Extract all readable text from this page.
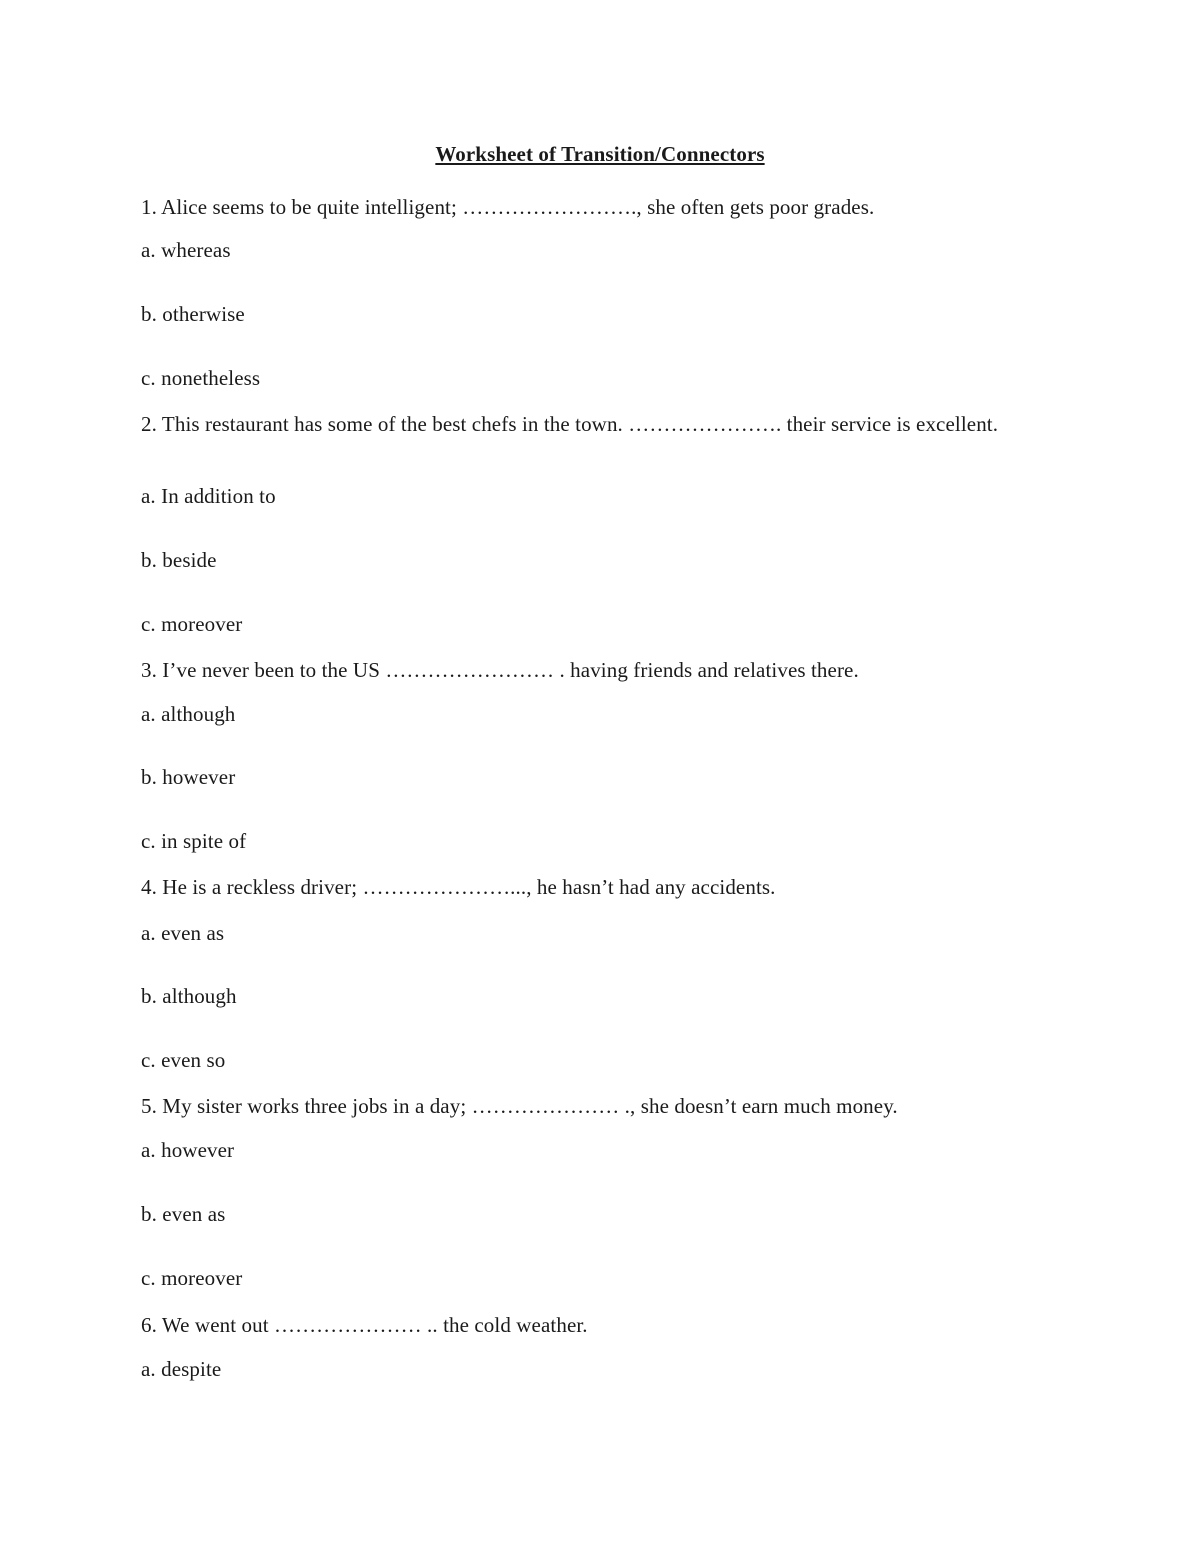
Worksheet of Transition/Connectors
1. Alice seems to be quite intelligent; ……………………., she often gets poor grades.
a. whereas
b. otherwise
c. nonetheless
2. This restaurant has some of the best chefs in the town. …………………. their service is excellent.
a. In addition to
b. beside
c. moreover
3. I’ve never been to the US …………………… . having friends and relatives there.
a. although
b. however
c. in spite of
4. He is a reckless driver; …………………..., he hasn’t had any accidents.
a. even as
b. although
c. even so
5. My sister works three jobs in a day; ………………… ., she doesn’t earn much money.
a. however
b. even as
c. moreover
6. We went out ………………… .. the cold weather.
a. despite
